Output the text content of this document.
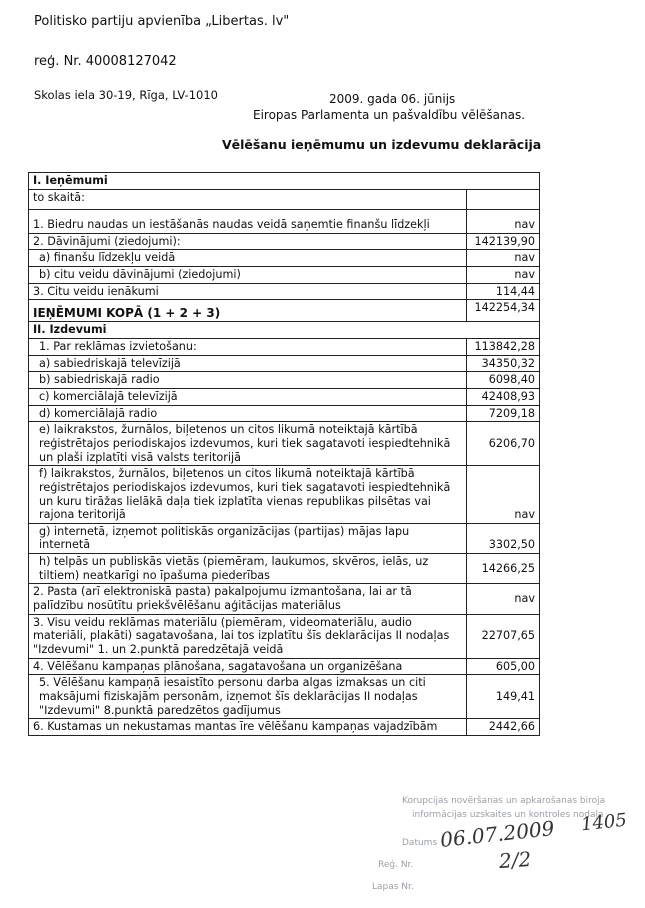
Politisko partiju apvienība „Libertas. lv"
reģ. Nr. 40008127042
Skolas iela 30-19, Rīga, LV-1010	2009. gada 06. jūnijs
Eiropas Parlamenta un pašvaldību vēlēšanas.
Vēlēšanu ieņēmumu un izdevumu deklarācija
I. Ieņēmumi	
to skaitā:	
1. Biedru naudas un iestāšanās naudas veidā saņemtie finanšu līdzekļi	nav
2. Dāvinājumi (ziedojumi):	142139,90
a) finanšu līdzekļu veidā	nav
b) citu veidu dāvinājumi (ziedojumi)	nav
3. Citu veidu ienākumi	114,44
IEŅĒMUMI KOPĀ (1 + 2 + 3)	142254,34
II. Izdevumi	
1. Par reklāmas izvietošanu:	113842,28
a) sabiedriskajā televīzijā	34350,32
b) sabiedriskajā radio	6098,40
c) komerciālajā televīzijā	42408,93
d) komerciālajā radio	7209,18
e) laikrakstos, žurnālos, biļetenos un citos likumā noteiktajā kārtībā reģistrētajos periodiskajos izdevumos, kuri tiek sagatavoti iespiedtehnikā un plaši izplatīti visā valsts teritorijā	6206,70
f) laikrakstos, žurnālos, biļetenos un citos likumā noteiktajā kārtībā reģistrētajos periodiskajos izdevumos, kuri tiek sagatavoti iespiedtehnikā un kuru tirāžas lielākā daļa tiek izplatīta vienas republikas pilsētas vai rajona teritorijā	nav
g) internetā, izņemot politiskās organizācijas (partijas) mājas lapu internetā	3302,50
h) telpās un publiskās vietās (piemēram, laukumos, skvēros, ielās, uz tiltiem) neatkarīgi no īpašuma piederības	14266,25
2. Pasta (arī elektroniskā pasta) pakalpojumu izmantošana, lai ar tā palīdzību nosūtītu priekšvēlēšanu aģitācijas materiālus	nav
3. Visu veidu reklāmas materiālu (piemēram, videomateriālu, audio materiāli, plakāti) sagatavošana, lai tos izplatītu šīs deklarācijas II nodaļas "Izdevumi" 1. un 2.punktā paredzētajā veidā	22707,65
4. Vēlēšanu kampaņas plānošana, sagatavošana un organizēšana	605,00
5. Vēlēšanu kampaņā iesaistīto personu darba algas izmaksas un citi maksājumi fiziskajām personām, izņemot šīs deklarācijas II nodaļas "Izdevumi" 8.punktā paredzētos gadījumus	149,41
6. Kustamas un nekustamas mantas īre vēlēšanu kampaņas vajadzībām	2442,66
Korupcijas novēršanas un apkarošanas biroja
informācijas uzskaites un kontroles nodaļa
Datums
Reģ. Nr.
Lapas Nr.
06.07.2009 1405
2/2
